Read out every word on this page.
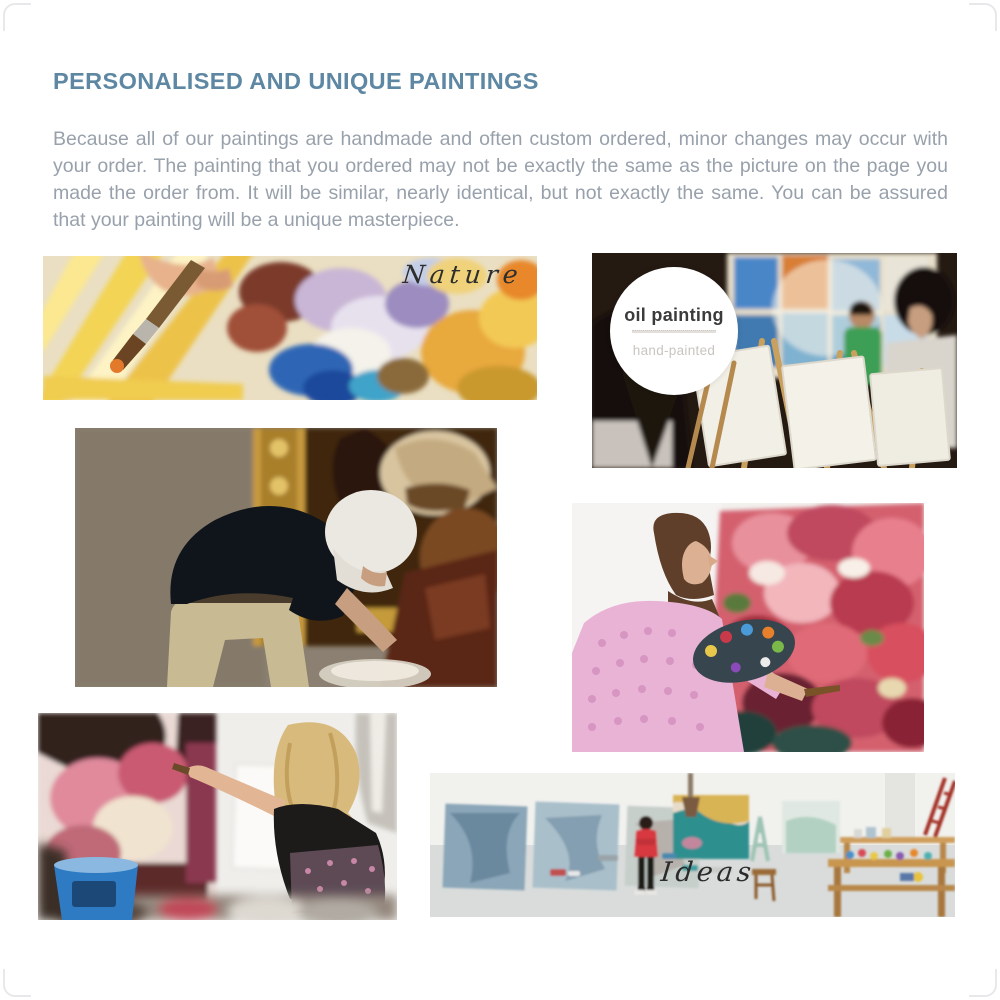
PERSONALISED AND UNIQUE PAINTINGS

Because all of our paintings are handmade and often custom ordered, minor changes may occur with your order. The painting that you ordered may not be exactly the same as the picture on the page you made the order from. It will be similar, nearly identical, but not exactly the same. You can be assured that your painting will be a unique masterpiece.

Nature
oil painting
hand-painted
Ideas
